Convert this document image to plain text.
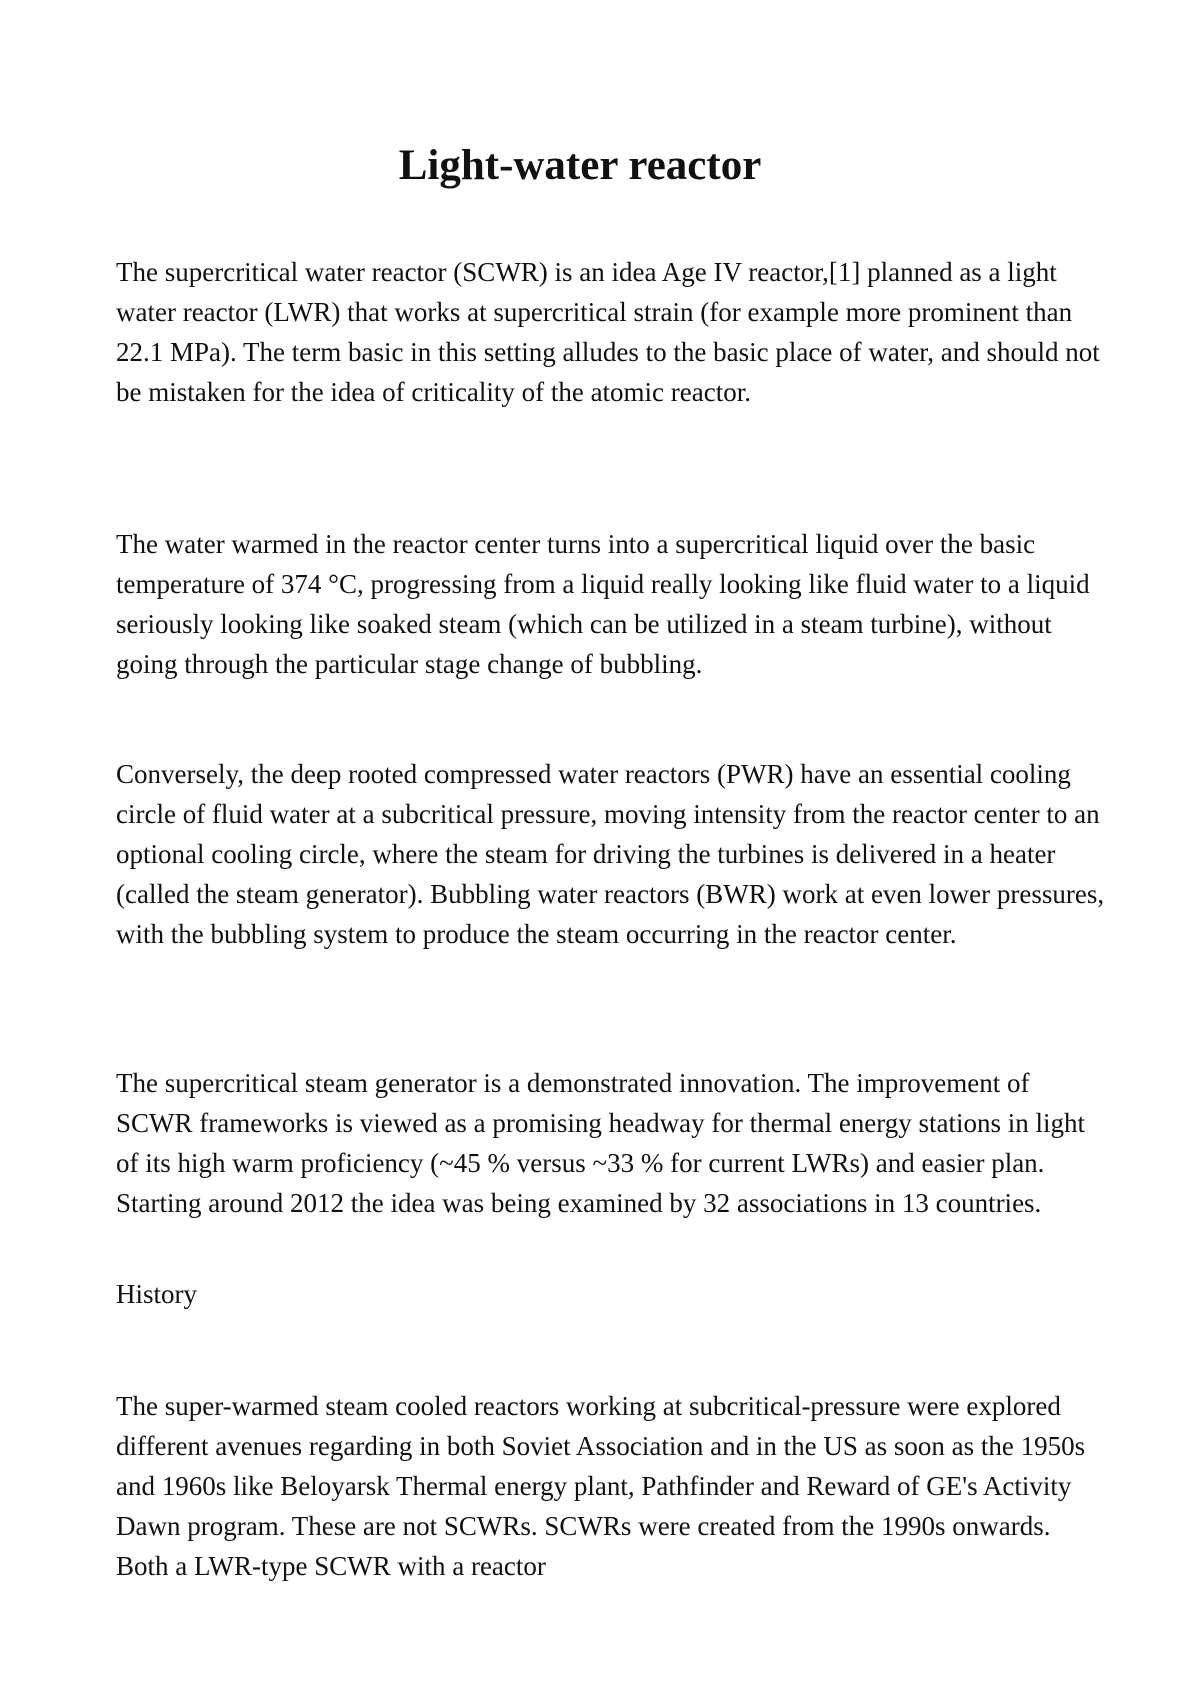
Light-water reactor

The supercritical water reactor (SCWR) is an idea Age IV reactor,[1] planned as a light water reactor (LWR) that works at supercritical strain (for example more prominent than 22.1 MPa). The term basic in this setting alludes to the basic place of water, and should not be mistaken for the idea of criticality of the atomic reactor.

The water warmed in the reactor center turns into a supercritical liquid over the basic temperature of 374 °C, progressing from a liquid really looking like fluid water to a liquid seriously looking like soaked steam (which can be utilized in a steam turbine), without going through the particular stage change of bubbling.

Conversely, the deep rooted compressed water reactors (PWR) have an essential cooling circle of fluid water at a subcritical pressure, moving intensity from the reactor center to an optional cooling circle, where the steam for driving the turbines is delivered in a heater (called the steam generator). Bubbling water reactors (BWR) work at even lower pressures, with the bubbling system to produce the steam occurring in the reactor center.

The supercritical steam generator is a demonstrated innovation. The improvement of SCWR frameworks is viewed as a promising headway for thermal energy stations in light of its high warm proficiency (~45 % versus ~33 % for current LWRs) and easier plan. Starting around 2012 the idea was being examined by 32 associations in 13 countries.

History

The super-warmed steam cooled reactors working at subcritical-pressure were explored different avenues regarding in both Soviet Association and in the US as soon as the 1950s and 1960s like Beloyarsk Thermal energy plant, Pathfinder and Reward of GE's Activity Dawn program. These are not SCWRs. SCWRs were created from the 1990s onwards. Both a LWR-type SCWR with a reactor
